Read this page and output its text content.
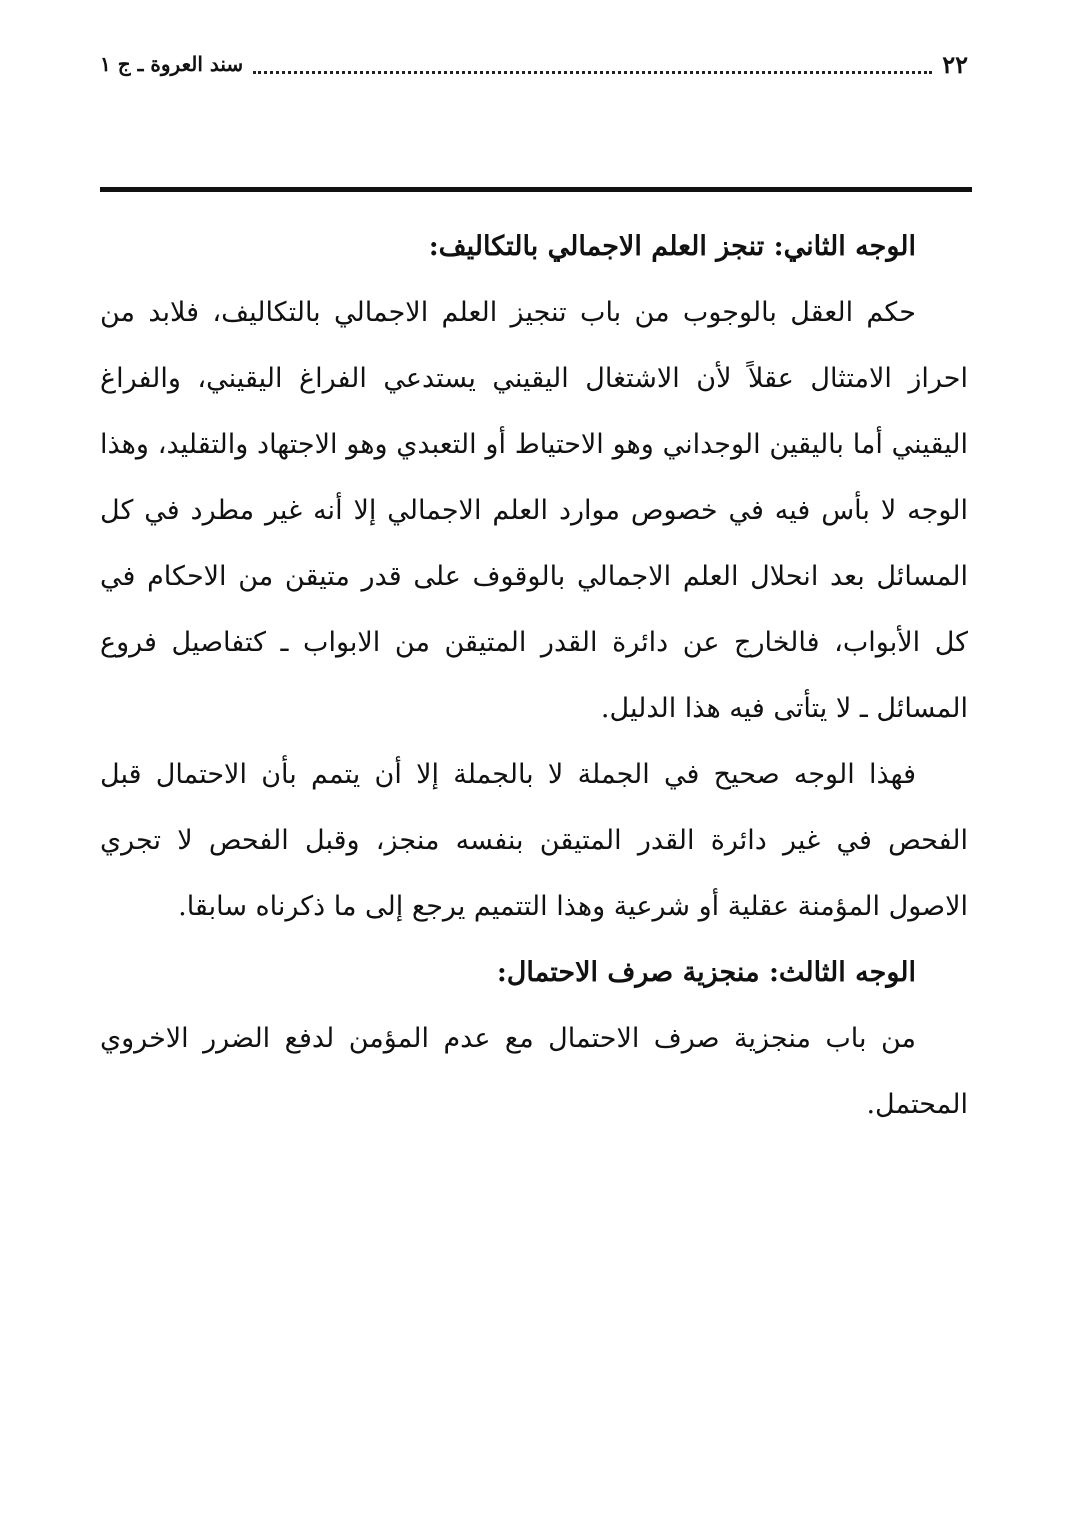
٢٢
سند العروة ـ ج ١

الوجه الثاني: تنجز العلم الاجمالي بالتكاليف:

حكم العقل بالوجوب من باب تنجيز العلم الاجمالي بالتكاليف، فلابد من احراز الامتثال عقلاً لأن الاشتغال اليقيني يستدعي الفراغ اليقيني، والفراغ اليقيني أما باليقين الوجداني وهو الاحتياط أو التعبدي وهو الاجتهاد والتقليد، وهذا الوجه لا بأس فيه في خصوص موارد العلم الاجمالي إلا أنه غير مطرد في كل المسائل بعد انحلال العلم الاجمالي بالوقوف على قدر متيقن من الاحكام في كل الأبواب، فالخارج عن دائرة القدر المتيقن من الابواب ـ كتفاصيل فروع المسائل ـ لا يتأتى فيه هذا الدليل.

فهذا الوجه صحيح في الجملة لا بالجملة إلا أن يتمم بأن الاحتمال قبل الفحص في غير دائرة القدر المتيقن بنفسه منجز، وقبل الفحص لا تجري الاصول المؤمنة عقلية أو شرعية وهذا التتميم يرجع إلى ما ذكرناه سابقا.

الوجه الثالث: منجزية صرف الاحتمال:

من باب منجزية صرف الاحتمال مع عدم المؤمن لدفع الضرر الاخروي المحتمل.
